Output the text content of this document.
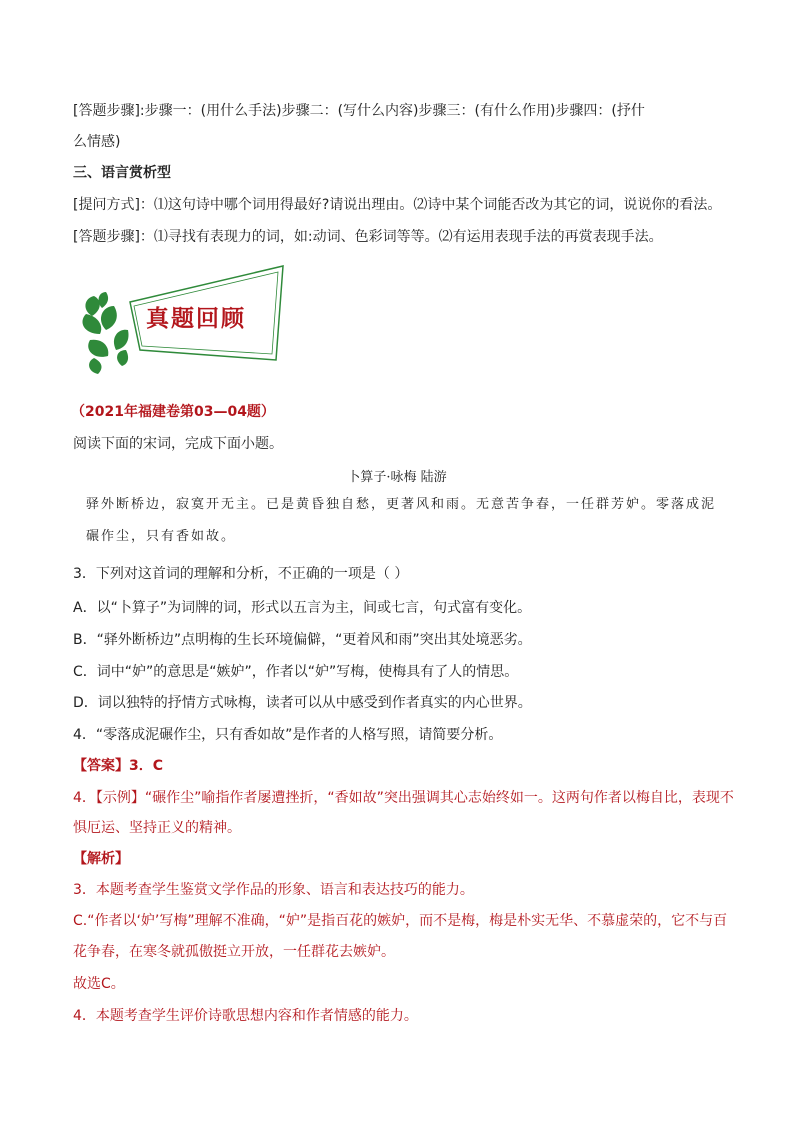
[答题步骤]:步骤一：(用什么手法)步骤二：(写什么内容)步骤三：(有什么作用)步骤四：(抒什
么情感)
三、语言赏析型
[提问方式]：⑴这句诗中哪个词用得最好?请说出理由。⑵诗中某个词能否改为其它的词，说说你的看法。
[答题步骤]：⑴寻找有表现力的词，如:动词、色彩词等等。⑵有运用表现手法的再赏表现手法。
真题回顾
（2021年福建卷第03—04题）
阅读下面的宋词，完成下面小题。
卜算子·咏梅 陆游
驿外断桥边，寂寞开无主。已是黄昏独自愁，更著风和雨。无意苦争春，一任群芳妒。零落成泥碾作尘，只有香如故。
3．下列对这首词的理解和分析，不正确的一项是（ ）
A．以“卜算子”为词牌的词，形式以五言为主，间或七言，句式富有变化。
B．“驿外断桥边”点明梅的生长环境偏僻，“更着风和雨”突出其处境恶劣。
C．词中“妒”的意思是“嫉妒”，作者以“妒”写梅，使梅具有了人的情思。
D．词以独特的抒情方式咏梅，读者可以从中感受到作者真实的内心世界。
4．“零落成泥碾作尘，只有香如故”是作者的人格写照，请简要分析。
【答案】3．C
4．【示例】“碾作尘”喻指作者屡遭挫折，“香如故”突出强调其心志始终如一。这两句作者以梅自比，表现不
惧厄运、坚持正义的精神。
【解析】
3．本题考查学生鉴赏文学作品的形象、语言和表达技巧的能力。
C.“作者以‘妒’写梅”理解不准确，“妒”是指百花的嫉妒，而不是梅，梅是朴实无华、不慕虚荣的，它不与百
花争春，在寒冬就孤傲挺立开放，一任群花去嫉妒。
故选C。
4．本题考查学生评价诗歌思想内容和作者情感的能力。
